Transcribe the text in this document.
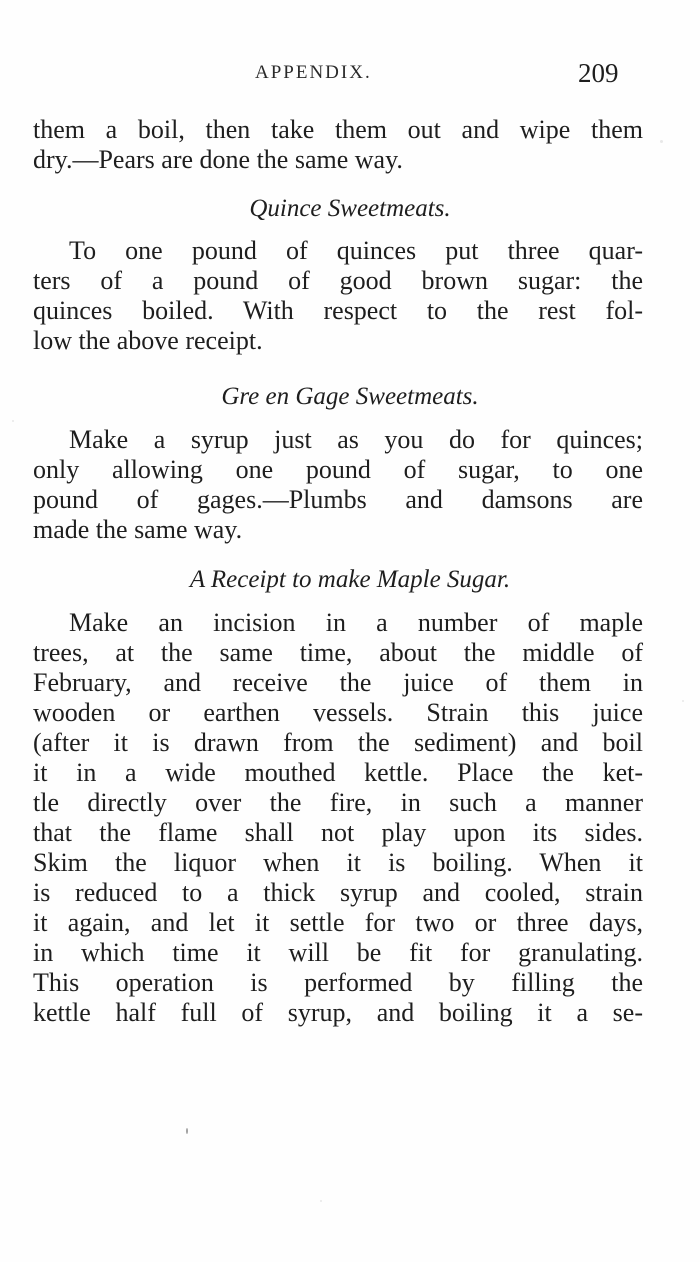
APPENDIX.	209
them a boil, then take them out and wipe them
dry.—Pears are done the same way.
Quince Sweetmeats.
To one pound of quinces put three quar-
ters of a pound of good brown sugar: the
quinces boiled. With respect to the rest fol-
low the above receipt.
Gre en Gage Sweetmeats.
Make a syrup just as you do for quinces;
only allowing one pound of sugar, to one
pound of gages.—Plumbs and damsons are
made the same way.
A Receipt to make Maple Sugar.
Make an incision in a number of maple
trees, at the same time, about the middle of
February, and receive the juice of them in
wooden or earthen vessels. Strain this juice
(after it is drawn from the sediment) and boil
it in a wide mouthed kettle. Place the ket-
tle directly over the fire, in such a manner
that the flame shall not play upon its sides.
Skim the liquor when it is boiling. When it
is reduced to a thick syrup and cooled, strain
it again, and let it settle for two or three days,
in which time it will be fit for granulating.
This operation is performed by filling the
kettle half full of syrup, and boiling it a se-
